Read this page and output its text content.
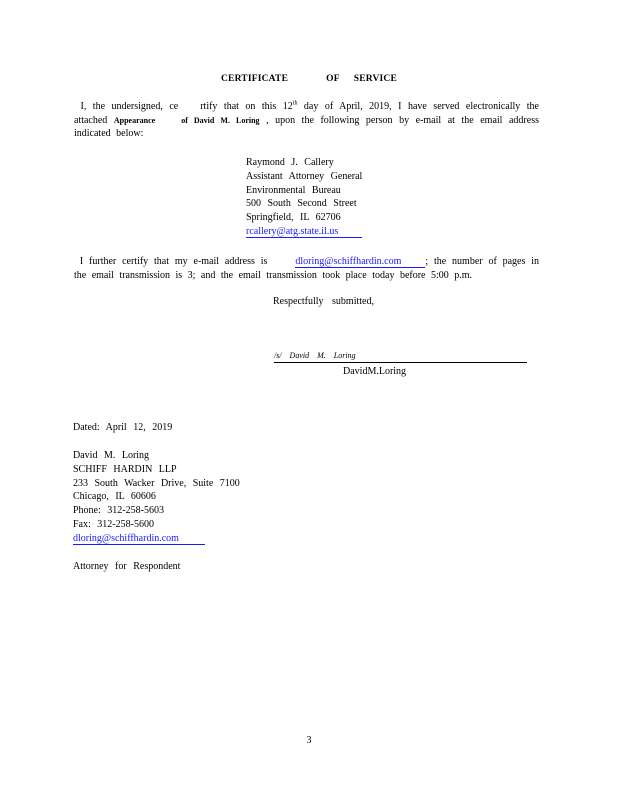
CERTIFICATE	OF SERVICE
I, the undersigned, ce rtify that on this 12th day of April, 2019, I have served electronically the attached Appearance	of David M. Loring , upon the following person by e-mail at the email address indicated below:
Raymond J. Callery
Assistant Attorney General
Environmental Bureau
500 South Second Street
Springfield, IL 62706
rcallery@atg.state.il.us
I further certify that my e-mail address is	dloring@schiffhardin.com ; the number of pages in the email transmission is 3; and the email transmission took place today before 5:00 p.m.
Respectfully submitted,
/s/ David M. Loring
DavidM.Loring
Dated: April 12, 2019
David M. Loring
SCHIFF HARDIN LLP
233 South Wacker Drive, Suite 7100
Chicago, IL 60606
Phone: 312-258-5603
Fax: 312-258-5600
dloring@schiffhardin.com
Attorney for Respondent
3
